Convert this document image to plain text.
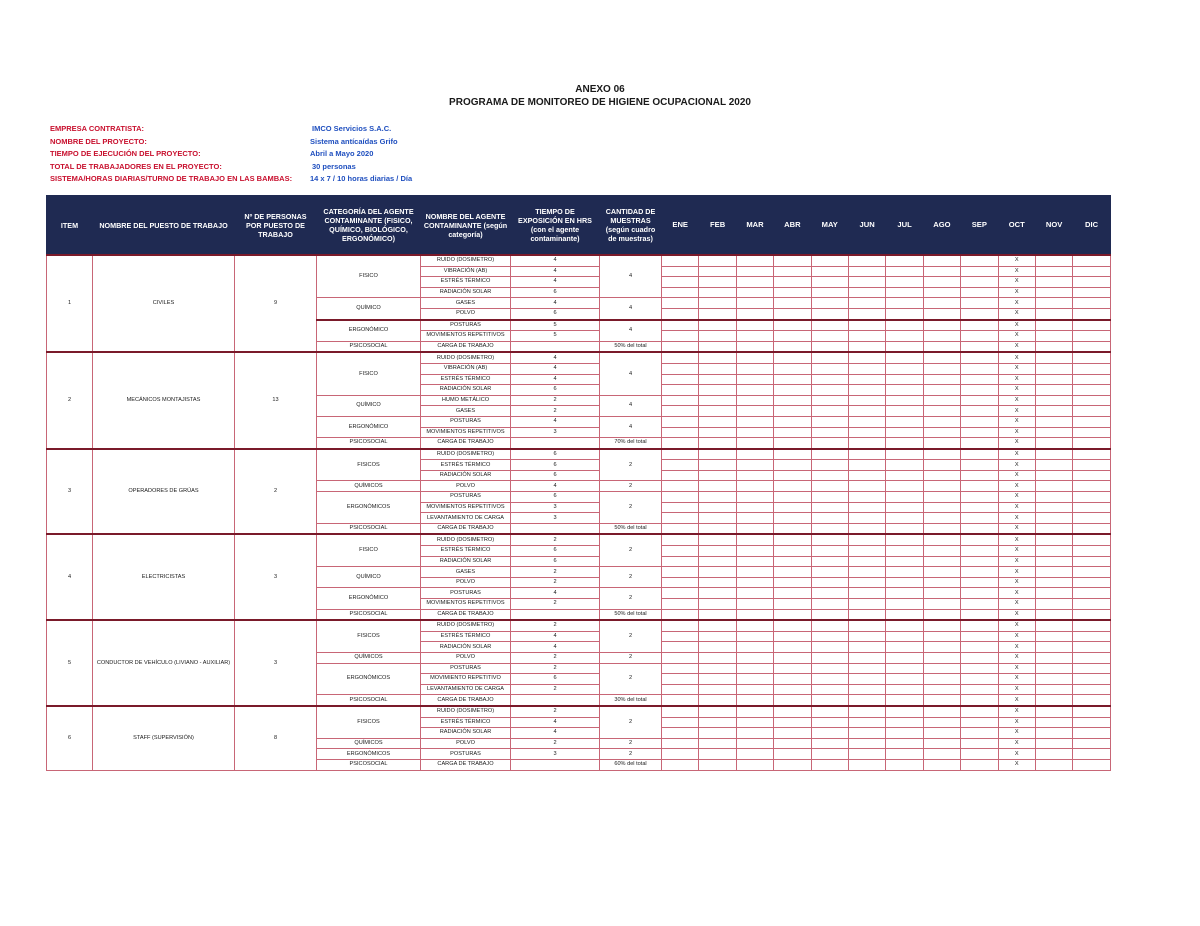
ANEXO 06
PROGRAMA DE MONITOREO DE HIGIENE OCUPACIONAL 2020
EMPRESA CONTRATISTA:	IMCO Servicios S.A.C.
NOMBRE DEL PROYECTO:	Sistema antícaídas Grifo
TIEMPO DE EJECUCIÓN DEL PROYECTO:	Abril a Mayo 2020
TOTAL DE TRABAJADORES EN EL PROYECTO:	30 personas
SISTEMA/HORAS DIARIAS/TURNO DE TRABAJO EN LAS BAMBAS: 14 x 7 / 10 horas diarias / Día
ITEM	NOMBRE DEL PUESTO DE TRABAJO	Nº DE PERSONAS POR PUESTO DE TRABAJO	CATEGORÍA DEL AGENTE CONTAMINANTE (FISICO, QUÍMICO, BIOLÓGICO, ERGONÓMICO)	NOMBRE DEL AGENTE CONTAMINANTE (según categoría)	TIEMPO DE EXPOSICIÓN EN HRS (con el agente contaminante)	CANTIDAD DE MUESTRAS (según cuadro de muestras)	ENE	FEB	MAR	ABR	MAY	JUN	JUL	AGO	SEP	OCT	NOV	DIC
1	CIVILES	9	FISICO	RUIDO (DOSIMETRO)	4	4										X		
				VIBRACIÓN (AB)	4											X		
				ESTRÉS TÉRMICO	4											X		
				RADIACIÓN SOLAR	6											X		
			QUÍMICO	GASES	4	4										X		
				POLVO	6											X		
			ERGONÓMICO	POSTURAS	5	4										X		
				MOVIMIENTOS REPETITIVOS	5											X		
			PSICOSOCIAL	CARGA DE TRABAJO		50% del total										X		
2	MECÁNICOS MONTAJISTAS	13	FISICO	RUIDO (DOSIMETRO)	4	4										X		
				VIBRACIÓN (AB)	4											X		
				ESTRÉS TÉRMICO	4											X		
				RADIACIÓN SOLAR	6											X		
			QUÍMICO	HUMO METÁLICO	2	4										X		
				GASES	2											X		
			ERGONÓMICO	POSTURAS	4	4										X		
				MOVIMIENTOS REPETITIVOS	3											X		
			PSICOSOCIAL	CARGA DE TRABAJO		70% del total										X		
3	OPERADORES DE GRÚAS	2	FISICOS	RUIDO (DOSIMETRO)	6	2										X		
				ESTRÉS TÉRMICO	6											X		
				RADIACIÓN SOLAR	6											X		
			QUÍMICOS	POLVO	4	2										X		
			ERGONÓMICOS	POSTURAS	6	2										X		
				MOVIMIENTOS REPETITIVOS	3											X		
				LEVANTAMIENTO DE CARGA	3											X		
			PSICOSOCIAL	CARGA DE TRABAJO		50% del total										X		
4	ELECTRICISTAS	3	FISICO	RUIDO (DOSIMETRO)	2	2										X		
				ESTRÉS TÉRMICO	6											X		
				RADIACIÓN SOLAR	6											X		
			QUÍMICO	GASES	2	2										X		
				POLVO	2											X		
			ERGONÓMICO	POSTURAS	4	2										X		
				MOVIMIENTOS REPETITIVOS	2											X		
			PSICOSOCIAL	CARGA DE TRABAJO		50% del total										X		
5	CONDUCTOR DE VEHÍCULO (LIVIANO - AUXILIAR)	3	FISICOS	RUIDO (DOSIMETRO)	2	2										X		
				ESTRÉS TÉRMICO	4											X		
				RADIACIÓN SOLAR	4											X		
			QUÍMICOS	POLVO	2	2										X		
			ERGONÓMICOS	POSTURAS	2	2										X		
				MOVIMIENTO REPETITIVO	6											X		
				LEVANTAMIENTO DE CARGA	2											X		
			PSICOSOCIAL	CARGA DE TRABAJO		30% del total										X		
6	STAFF (SUPERVISIÓN)	8	FISICOS	RUIDO (DOSIMETRO)	2	2										X		
				ESTRÉS TÉRMICO	4											X		
				RADIACIÓN SOLAR	4											X		
			QUÍMICOS	POLVO	2	2										X		
			ERGONÓMICOS	POSTURAS	3	2										X		
			PSICOSOCIAL	CARGA DE TRABAJO		60% del total										X		
